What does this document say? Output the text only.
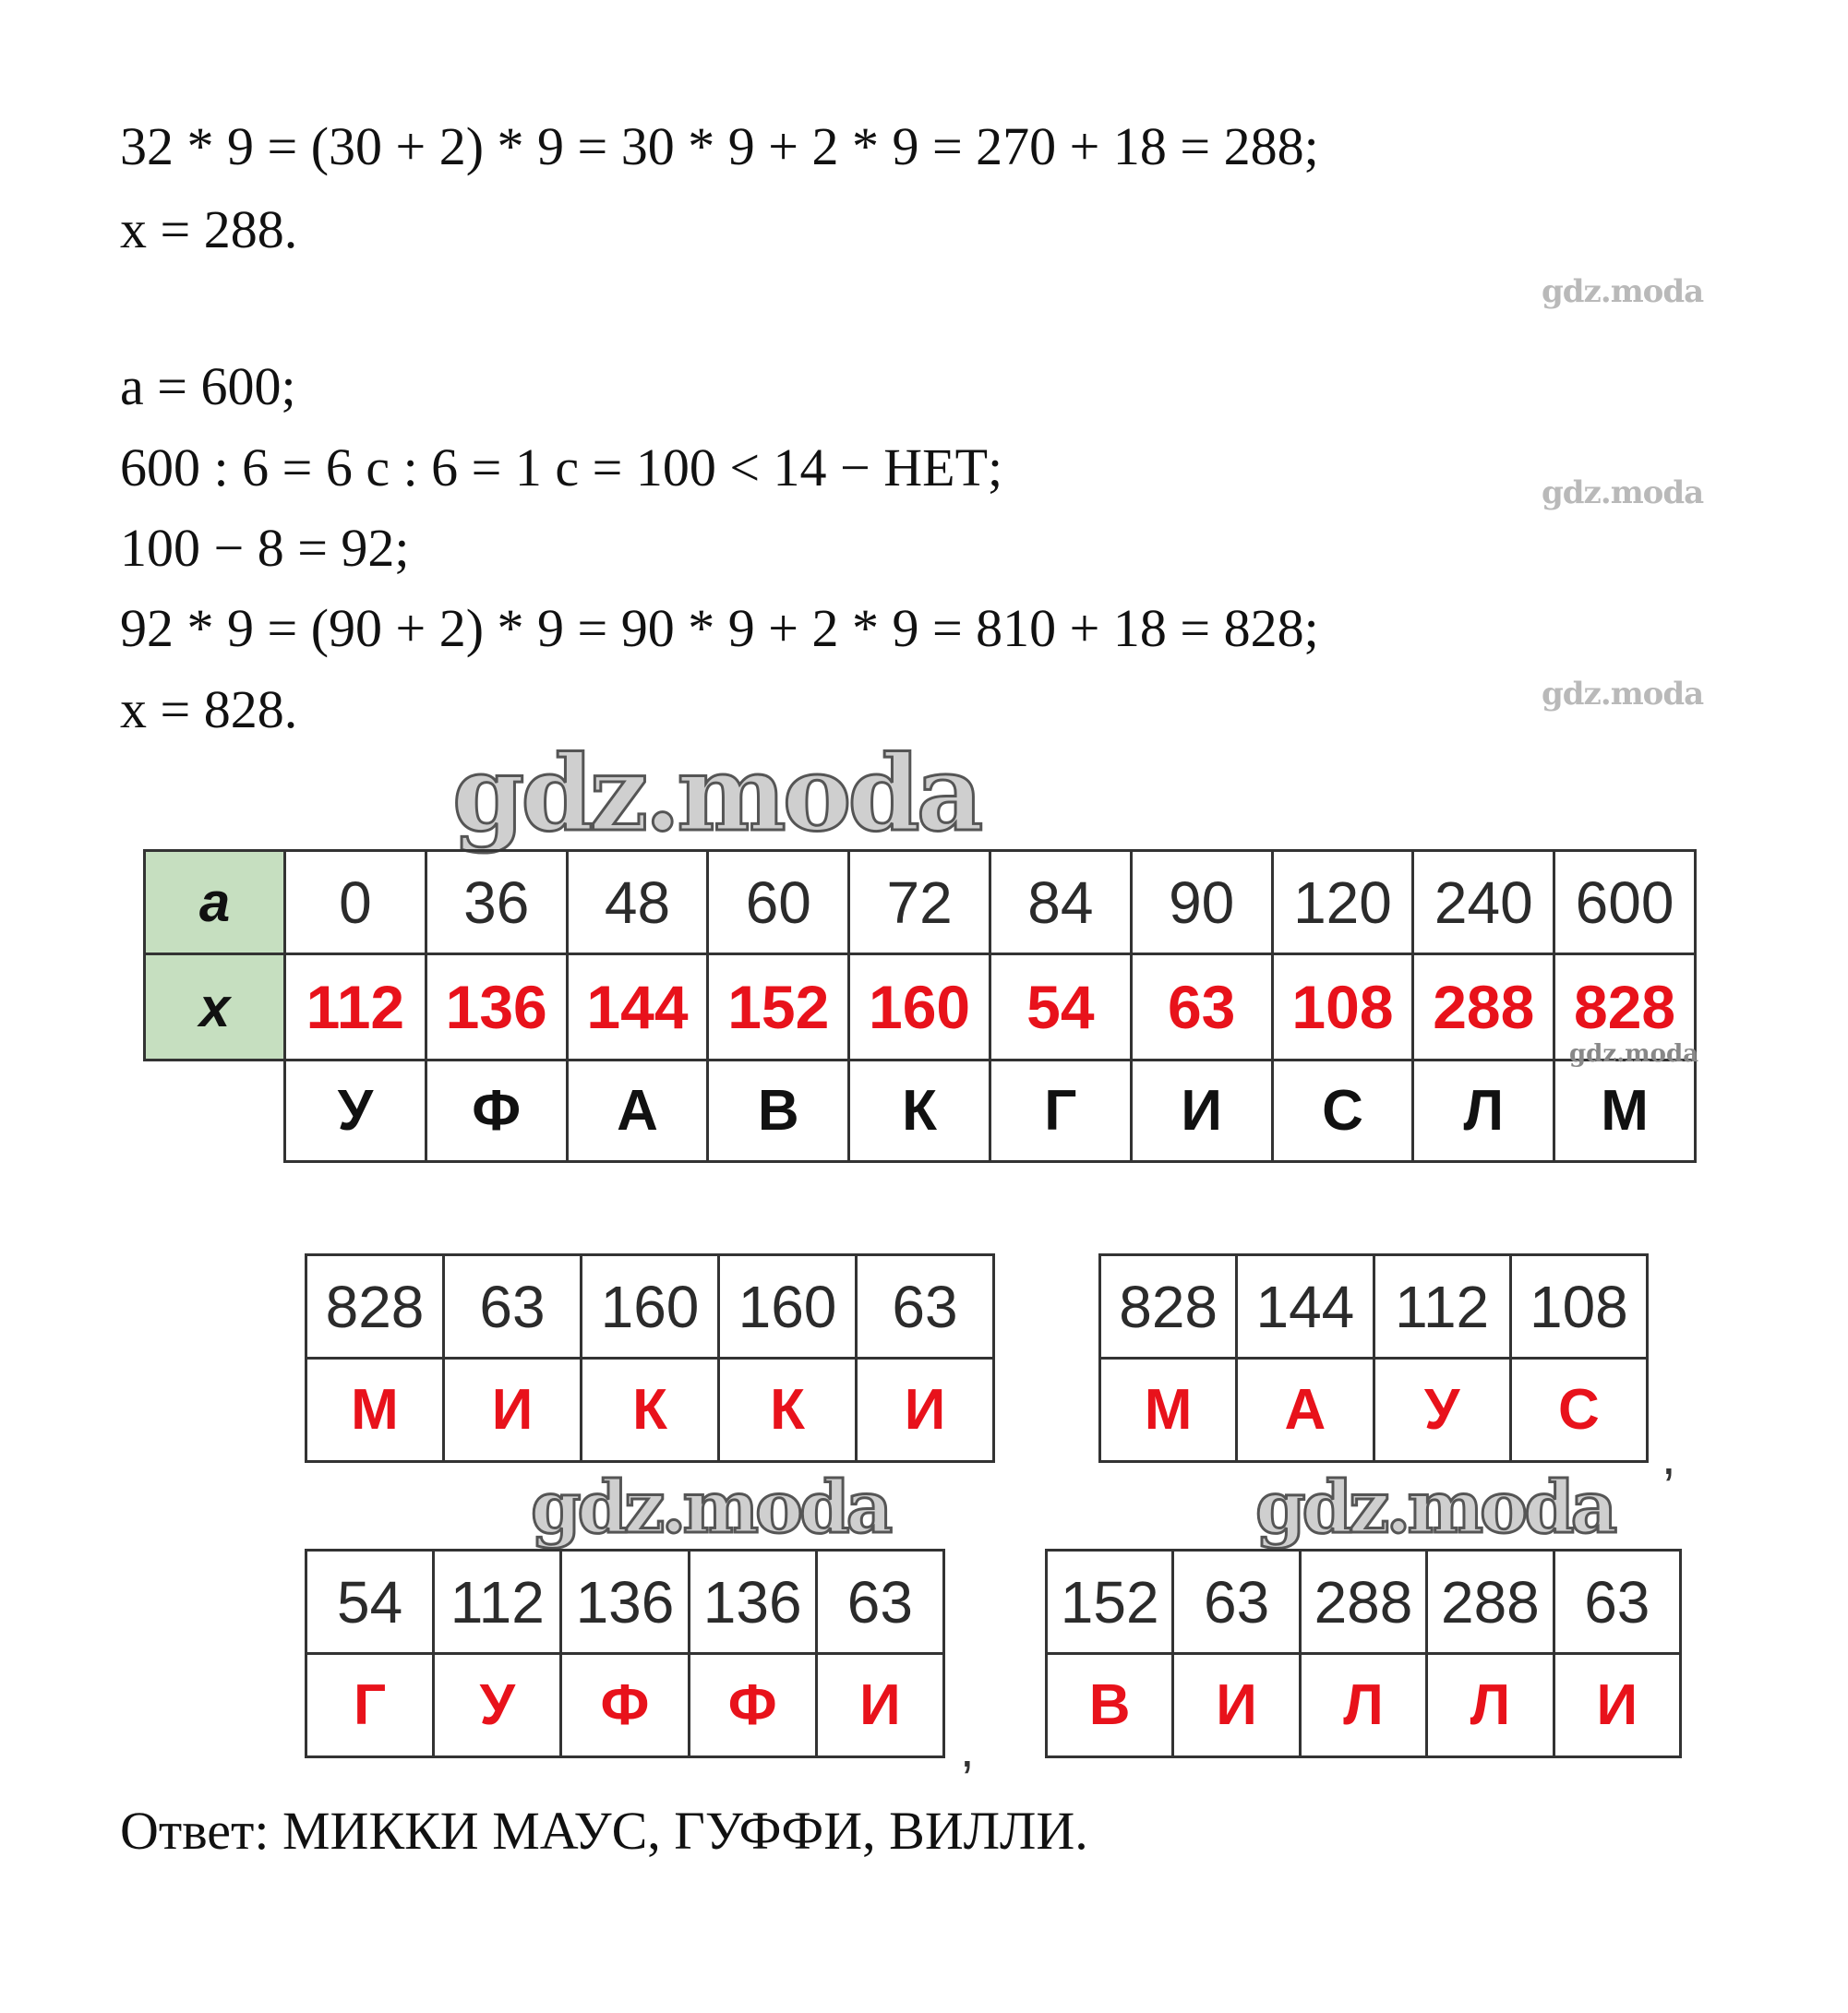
32 * 9 = (30 + 2) * 9 = 30 * 9 + 2 * 9 = 270 + 18 = 288;
x = 288.
a = 600;
600 : 6 = 6 с : 6 = 1 с = 100 < 14 − НЕТ;
100 − 8 = 92;
92 * 9 = (90 + 2) * 9 = 90 * 9 + 2 * 9 = 810 + 18 = 828;
x = 828.
gdz.moda
gdz.moda
gdz.moda
gdz.moda
gdz.moda	gdz.moda
a	0	36	48	60	72	84	90	120	240	600
x	112	136	144	152	160	54	63	108	288	828
	У	Ф	А	В	К	Г	И	С	Л	М
gdz.moda
828	63	160	160	63
М	И	К	К	И
828	144	112	108
М	А	У	С
,
54	112	136	136	63
Г	У	Ф	Ф	И
,
152	63	288	288	63
В	И	Л	Л	И
Ответ: МИККИ МАУС, ГУФФИ, ВИЛЛИ.
